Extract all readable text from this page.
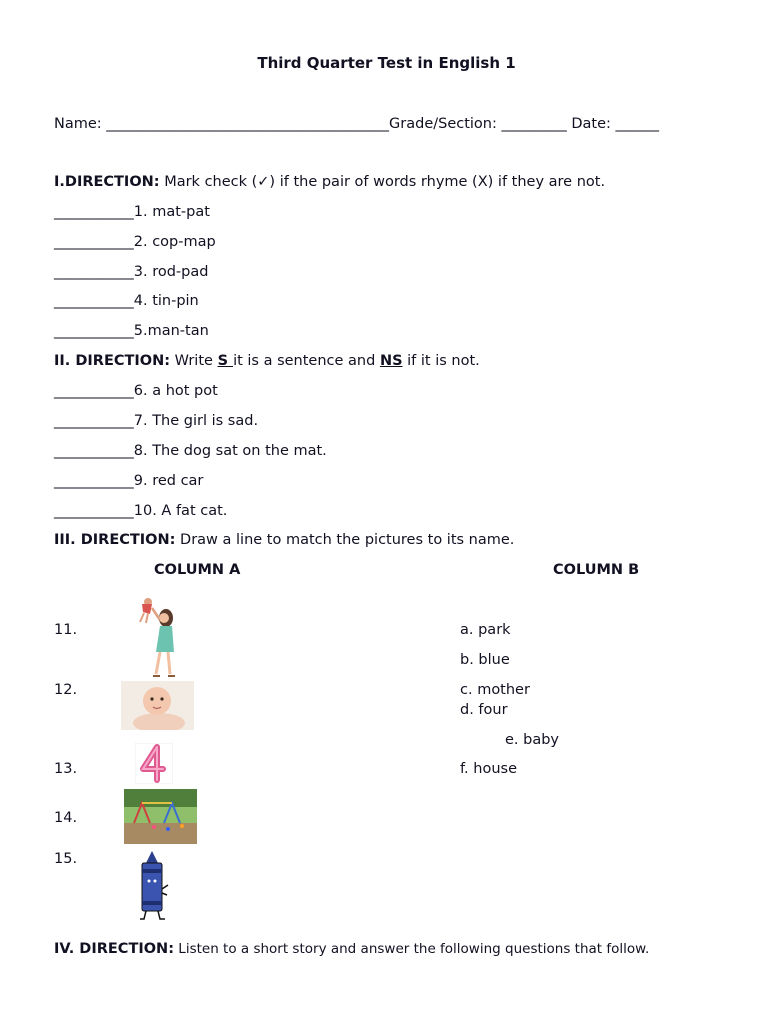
Third Quarter Test in English 1
Name: _______________________________________Grade/Section: _________ Date: ______
I.DIRECTION: Mark check (✓) if the pair of words rhyme (X) if they are not.
___________1. mat-pat
___________2. cop-map
___________3. rod-pad
___________4. tin-pin
___________5.man-tan
II. DIRECTION: Write S it is a sentence and NS if it is not.
___________6. a hot pot
___________7. The girl is sad.
___________8. The dog sat on the mat.
___________9. red car
___________10. A fat cat.
III. DIRECTION: Draw a line to match the pictures to its name.
COLUMN A	COLUMN B
11.
12.
13.
14.
15.
a. park
b. blue
c. mother
d. four
e. baby
f. house
IV. DIRECTION: Listen to a short story and answer the following questions that follow.
